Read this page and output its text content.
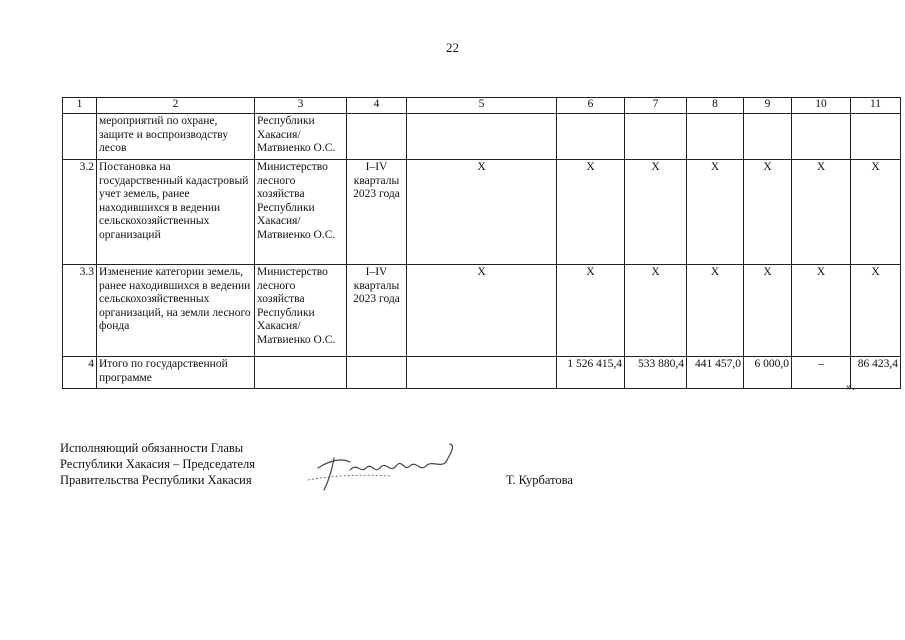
22
1	2	3	4	5	6	7	8	9	10	11
	мероприятий по охране, защите и воспроизводству лесов	Республики Хакасия/ Матвиенко О.С.								
3.2	Постановка на государственный кадастровый учет земель, ранее находившихся в ведении сельскохозяйственных организаций	Министерство лесного хозяйства Республики Хакасия/ Матвиенко О.С.	I–IV кварталы 2023 года	X	X	X	X	X	X	X
3.3	Изменение категории земель, ранее находившихся в ведении сельскохозяйственных организаций, на земли лесного фонда	Министерство лесного хозяйства Республики Хакасия/ Матвиенко О.С.	I–IV кварталы 2023 года	X	X	X	X	X	X	X
4	Итого по государственной программе				1 526 415,4	533 880,4	441 457,0	6 000,0	–	86 423,4
».
Исполняющий обязанности Главы
Республики Хакасия – Председателя
Правительства Республики Хакасия	Т. Курбатова
